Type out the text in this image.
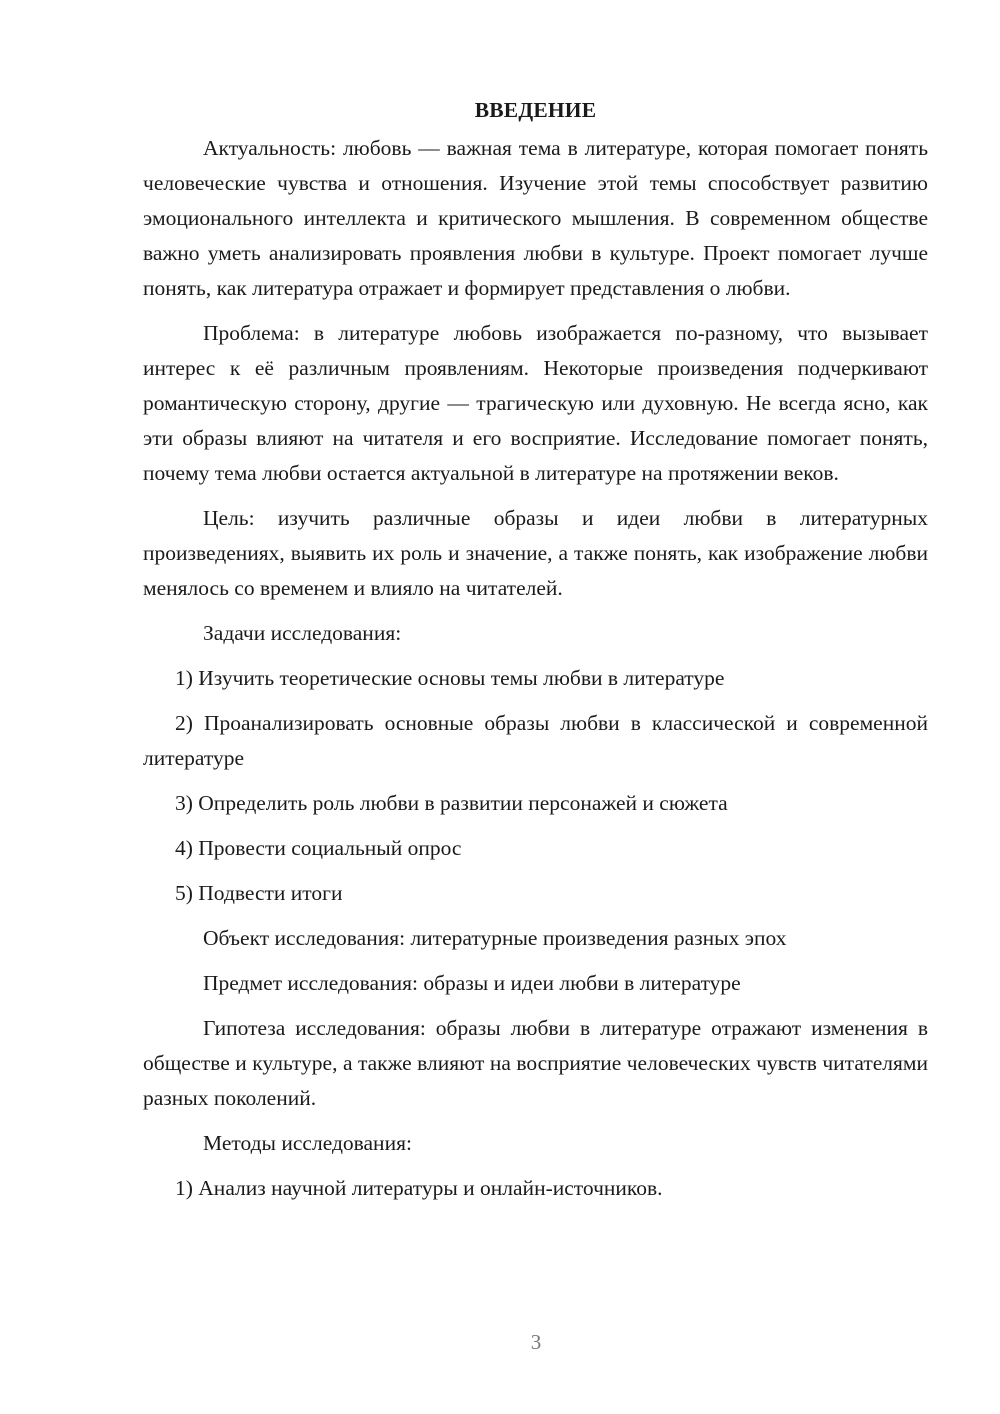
ВВЕДЕНИЕ

Актуальность: любовь — важная тема в литературе, которая помогает понять человеческие чувства и отношения. Изучение этой темы способствует развитию эмоционального интеллекта и критического мышления. В современном обществе важно уметь анализировать проявления любви в культуре. Проект помогает лучше понять, как литература отражает и формирует представления о любви.

Проблема: в литературе любовь изображается по-разному, что вызывает интерес к её различным проявлениям. Некоторые произведения подчеркивают романтическую сторону, другие — трагическую или духовную. Не всегда ясно, как эти образы влияют на читателя и его восприятие. Исследование помогает понять, почему тема любви остается актуальной в литературе на протяжении веков.

Цель: изучить различные образы и идеи любви в литературных произведениях, выявить их роль и значение, а также понять, как изображение любви менялось со временем и влияло на читателей.

Задачи исследования:

1) Изучить теоретические основы темы любви в литературе

2) Проанализировать основные образы любви в классической и современной литературе

3) Определить роль любви в развитии персонажей и сюжета

4) Провести социальный опрос

5) Подвести итоги

Объект исследования: литературные произведения разных эпох

Предмет исследования: образы и идеи любви в литературе

Гипотеза исследования: образы любви в литературе отражают изменения в обществе и культуре, а также влияют на восприятие человеческих чувств читателями разных поколений.

Методы исследования:

1) Анализ научной литературы и онлайн-источников.

3
